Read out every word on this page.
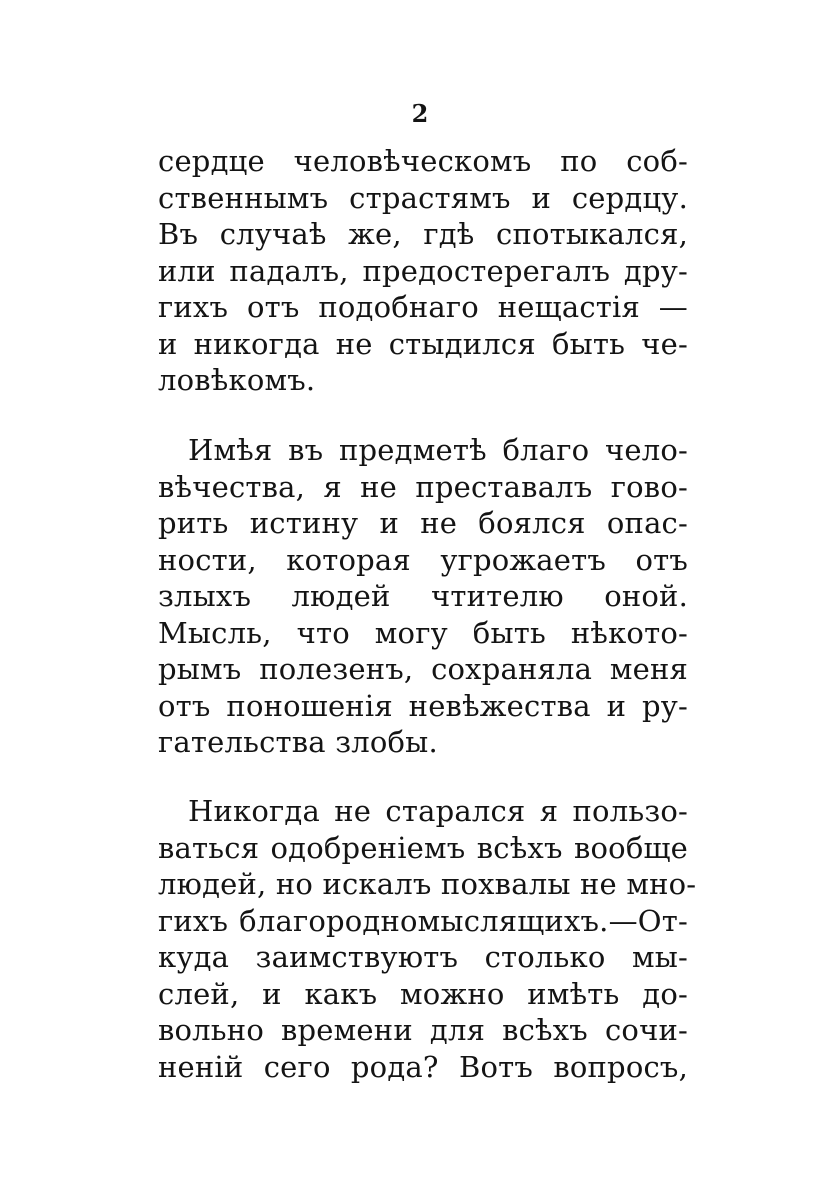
2
сердце человѣческомъ по соб-
ственнымъ страстямъ и сердцу.
Въ случаѣ же, гдѣ спотыкался,
или падалъ, предостерегалъ дру-
гихъ отъ подобнаго нещастія —
и никогда не стыдился быть че-
ловѣкомъ.
Имѣя въ предметѣ благо чело-
вѣчества, я не преставалъ гово-
рить истину и не боялся опас-
ности, которая угрожаетъ отъ
злыхъ людей чтителю оной.
Мысль, что могу быть нѣкото-
рымъ полезенъ, сохраняла меня
отъ поношенія невѣжества и ру-
гательства злобы.
Никогда не старался я пользо-
ваться одобреніемъ всѣхъ вообще
людей, но искалъ похвалы не мно-
гихъ благородномыслящихъ.—От-
куда заимствуютъ столько мы-
слей, и какъ можно имѣть до-
вольно времени для всѣхъ сочи-
неній сего рода? Вотъ вопросъ,
